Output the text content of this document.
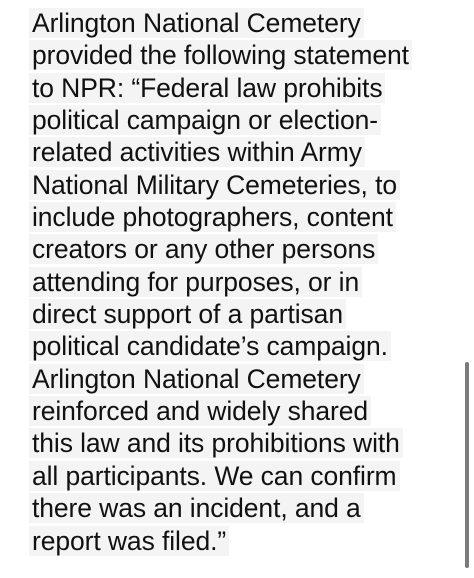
Arlington National Cemetery
provided the following statement
to NPR: “Federal law prohibits
political campaign or election-
related activities within Army
National Military Cemeteries, to
include photographers, content
creators or any other persons
attending for purposes, or in
direct support of a partisan
political candidate’s campaign.
Arlington National Cemetery
reinforced and widely shared
this law and its prohibitions with
all participants. We can confirm
there was an incident, and a
report was filed.”
